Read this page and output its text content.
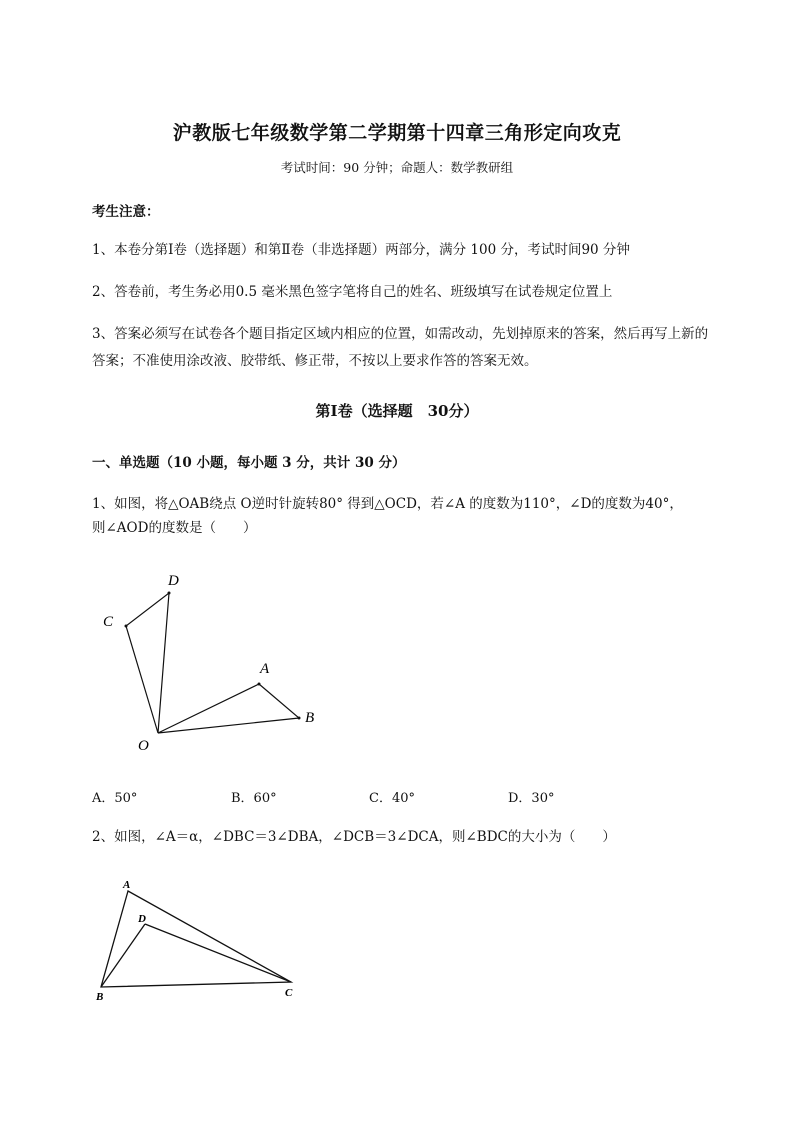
沪教版七年级数学第二学期第十四章三角形定向攻克
考试时间：90 分钟；命题人：数学教研组
考生注意：
1、本卷分第I卷（选择题）和第Ⅱ卷（非选择题）两部分，满分 100 分，考试时间90 分钟
2、答卷前，考生务必用0.5 毫米黑色签字笔将自己的姓名、班级填写在试卷规定位置上
3、答案必须写在试卷各个题目指定区域内相应的位置，如需改动，先划掉原来的答案，然后再写上新的答案；不准使用涂改液、胶带纸、修正带，不按以上要求作答的答案无效。
第I卷（选择题　30分）
一、单选题（10 小题，每小题 3 分，共计 30 分）
1、如图，将△OAB绕点 O逆时针旋转80° 得到△OCD，若∠A 的度数为110°，∠D的度数为40°，
则∠AOD的度数是（　　）
D
C
A
B
O
A．50°	B．60°	C．40°	D．30°
2、如图，∠A＝α，∠DBC＝3∠DBA，∠DCB＝3∠DCA，则∠BDC的大小为（　　）
A
D
B	C
